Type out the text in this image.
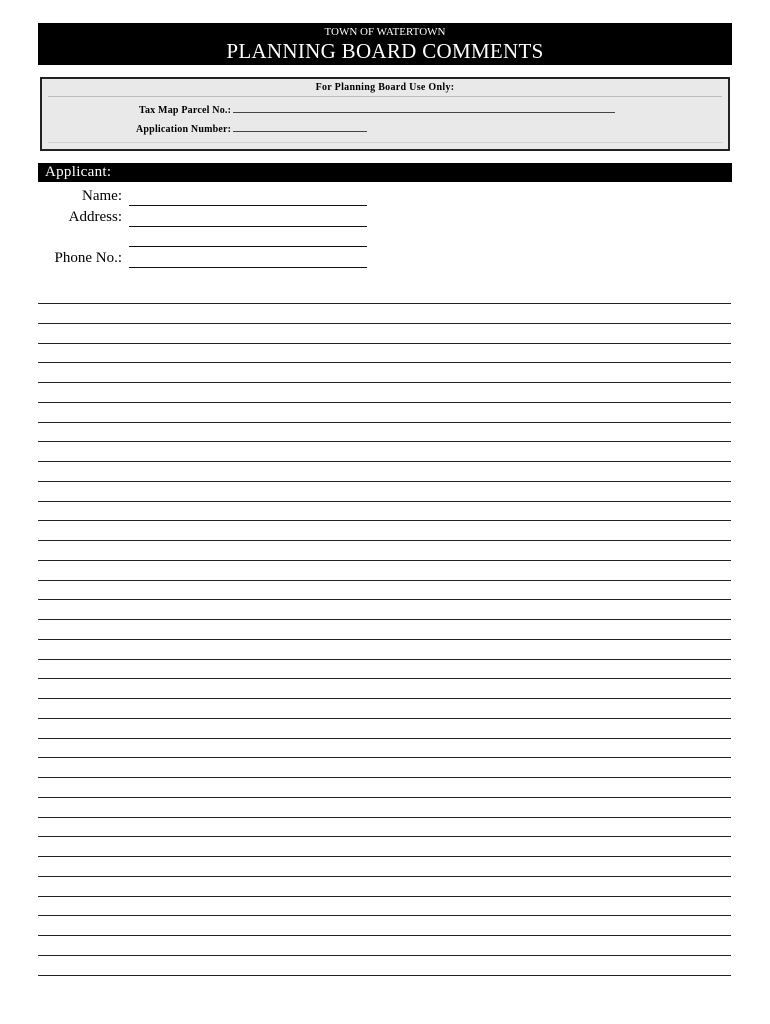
TOWN OF WATERTOWN
PLANNING BOARD COMMENTS
For Planning Board Use Only:
Tax Map Parcel No.:
Application Number:
Applicant:
Name:
Address:
Phone No.:
